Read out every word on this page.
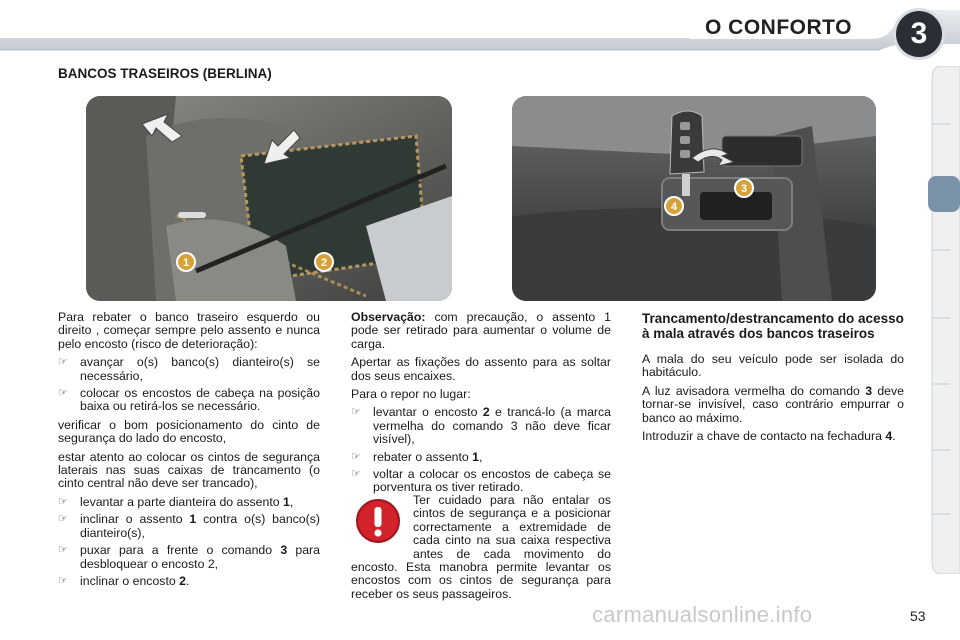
O CONFORTO	3
BANCOS TRASEIROS (BERLINA)
1	2
3
4

Para rebater o banco traseiro esquerdo ou direito , começar sempre pelo assento e nunca pelo encosto (risco de deterioração):

☞ avançar o(s) banco(s) dianteiro(s) se necessário,
☞ colocar os encostos de cabeça na posição baixa ou retirá-los se necessário.

verificar o bom posicionamento do cinto de segurança do lado do encosto,

estar atento ao colocar os cintos de segurança laterais nas suas caixas de trancamento (o cinto central não deve ser trancado),

☞ levantar a parte dianteira do assento 1,
☞ inclinar o assento 1 contra o(s) banco(s) dianteiro(s),
☞ puxar para a frente o comando 3 para desbloquear o encosto 2,
☞ inclinar o encosto 2.

Observação: com precaução, o assento 1 pode ser retirado para aumentar o volume de carga.

Apertar as fixações do assento para as soltar dos seus encaixes.

Para o repor no lugar:

☞ levantar o encosto 2 e trancá-lo (a marca vermelha do comando 3 não deve ficar visível),
☞ rebater o assento 1,
☞ voltar a colocar os encostos de cabeça se porventura os tiver retirado.

Ter cuidado para não entalar os cintos de segurança e a posicionar correctamente a extremidade de cada cinto na sua caixa respectiva antes de cada movimento do encosto. Esta manobra permite levantar os encostos com os cintos de segurança para receber os seus passageiros.

Trancamento/destrancamento do acesso à mala através dos bancos traseiros

A mala do seu veículo pode ser isolada do habitáculo.

A luz avisadora vermelha do comando 3 deve tornar-se invisível, caso contrário empurrar o banco ao máximo.

Introduzir a chave de contacto na fechadura 4.

carmanualsonline.info	53
